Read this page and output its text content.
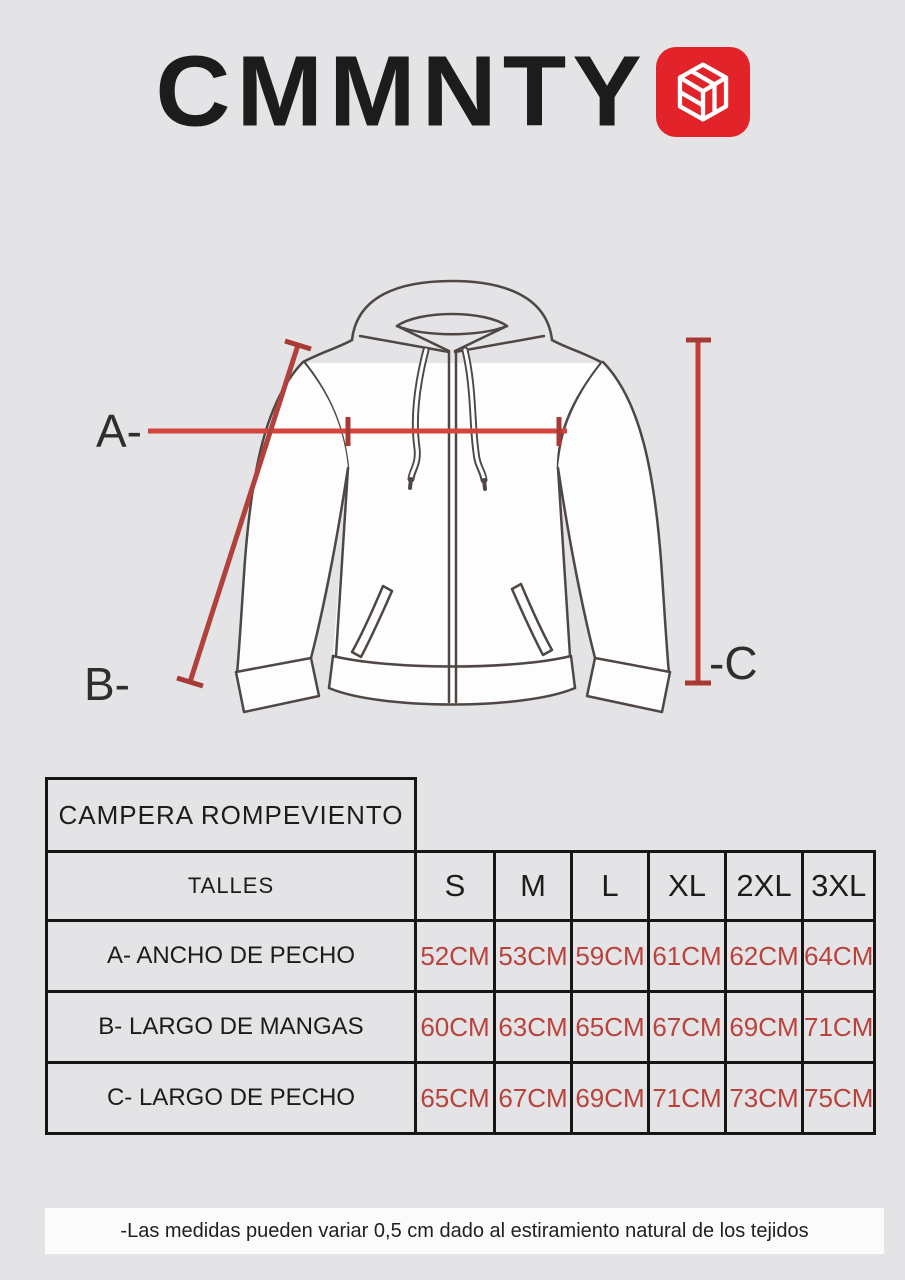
CMMNTY
A-
B-	-C
CAMPERA ROMPEVIENTO						
TALLES	S	M	L	XL	2XL	3XL
A- ANCHO DE PECHO	52CM	53CM	59CM	61CM	62CM	64CM
B- LARGO DE MANGAS	60CM	63CM	65CM	67CM	69CM	71CM
C- LARGO DE PECHO	65CM	67CM	69CM	71CM	73CM	75CM
-Las medidas pueden variar 0,5 cm dado al estiramiento natural de los tejidos
